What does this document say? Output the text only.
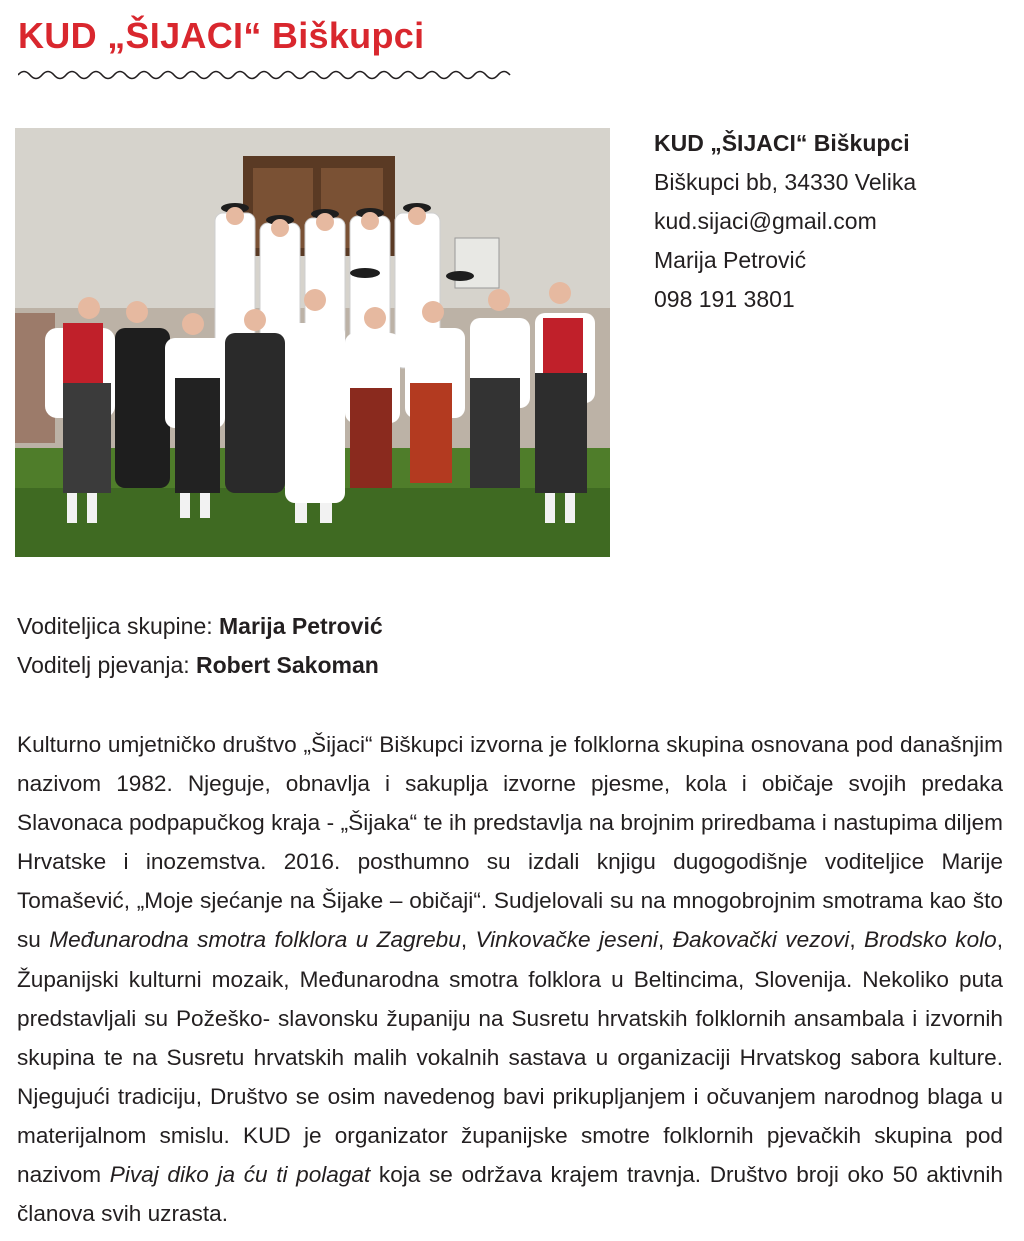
KUD „ŠIJACI“ Biškupci
KUD „ŠIJACI“ Biškupci
Biškupci bb, 34330 Velika
kud.sijaci@gmail.com
Marija Petrović
098 191 3801
Voditeljica skupine: Marija Petrović
Voditelj pjevanja: Robert Sakoman

Kulturno umjetničko društvo „Šijaci“ Biškupci izvorna je folklorna skupina osnovana pod današnjim nazivom 1982. Njeguje, obnavlja i sakuplja izvorne pjesme, kola i običaje svojih predaka Slavonaca podpapučkog kraja - „Šijaka“ te ih predstavlja na brojnim priredbama i nastupima diljem Hrvatske i inozemstva. 2016. posthumno su izdali knjigu dugogodišnje voditeljice Marije Tomašević, „Moje sjećanje na Šijake – običaji“. Sudjelovali su na mnogobrojnim smotrama kao što su Međunarodna smotra folklora u Zagrebu, Vinkovačke jeseni, Đakovački vezovi, Brodsko kolo, Županijski kulturni mozaik, Međunarodna smotra folklora u Beltincima, Slovenija. Nekoliko puta predstavljali su Požeško- slavonsku županiju na Susretu hrvatskih folklornih ansambala i izvornih skupina te na Susretu hrvatskih malih vokalnih sastava u organizaciji Hrvatskog sabora kulture. Njegujući tradiciju, Društvo se osim navedenog bavi prikupljanjem i očuvanjem narodnog blaga u materijalnom smislu. KUD je organizator županijske smotre folklornih pjevačkih skupina pod nazivom Pivaj diko ja ću ti polagat koja se održava krajem travnja. Društvo broji oko 50 aktivnih članova svih uzrasta.
